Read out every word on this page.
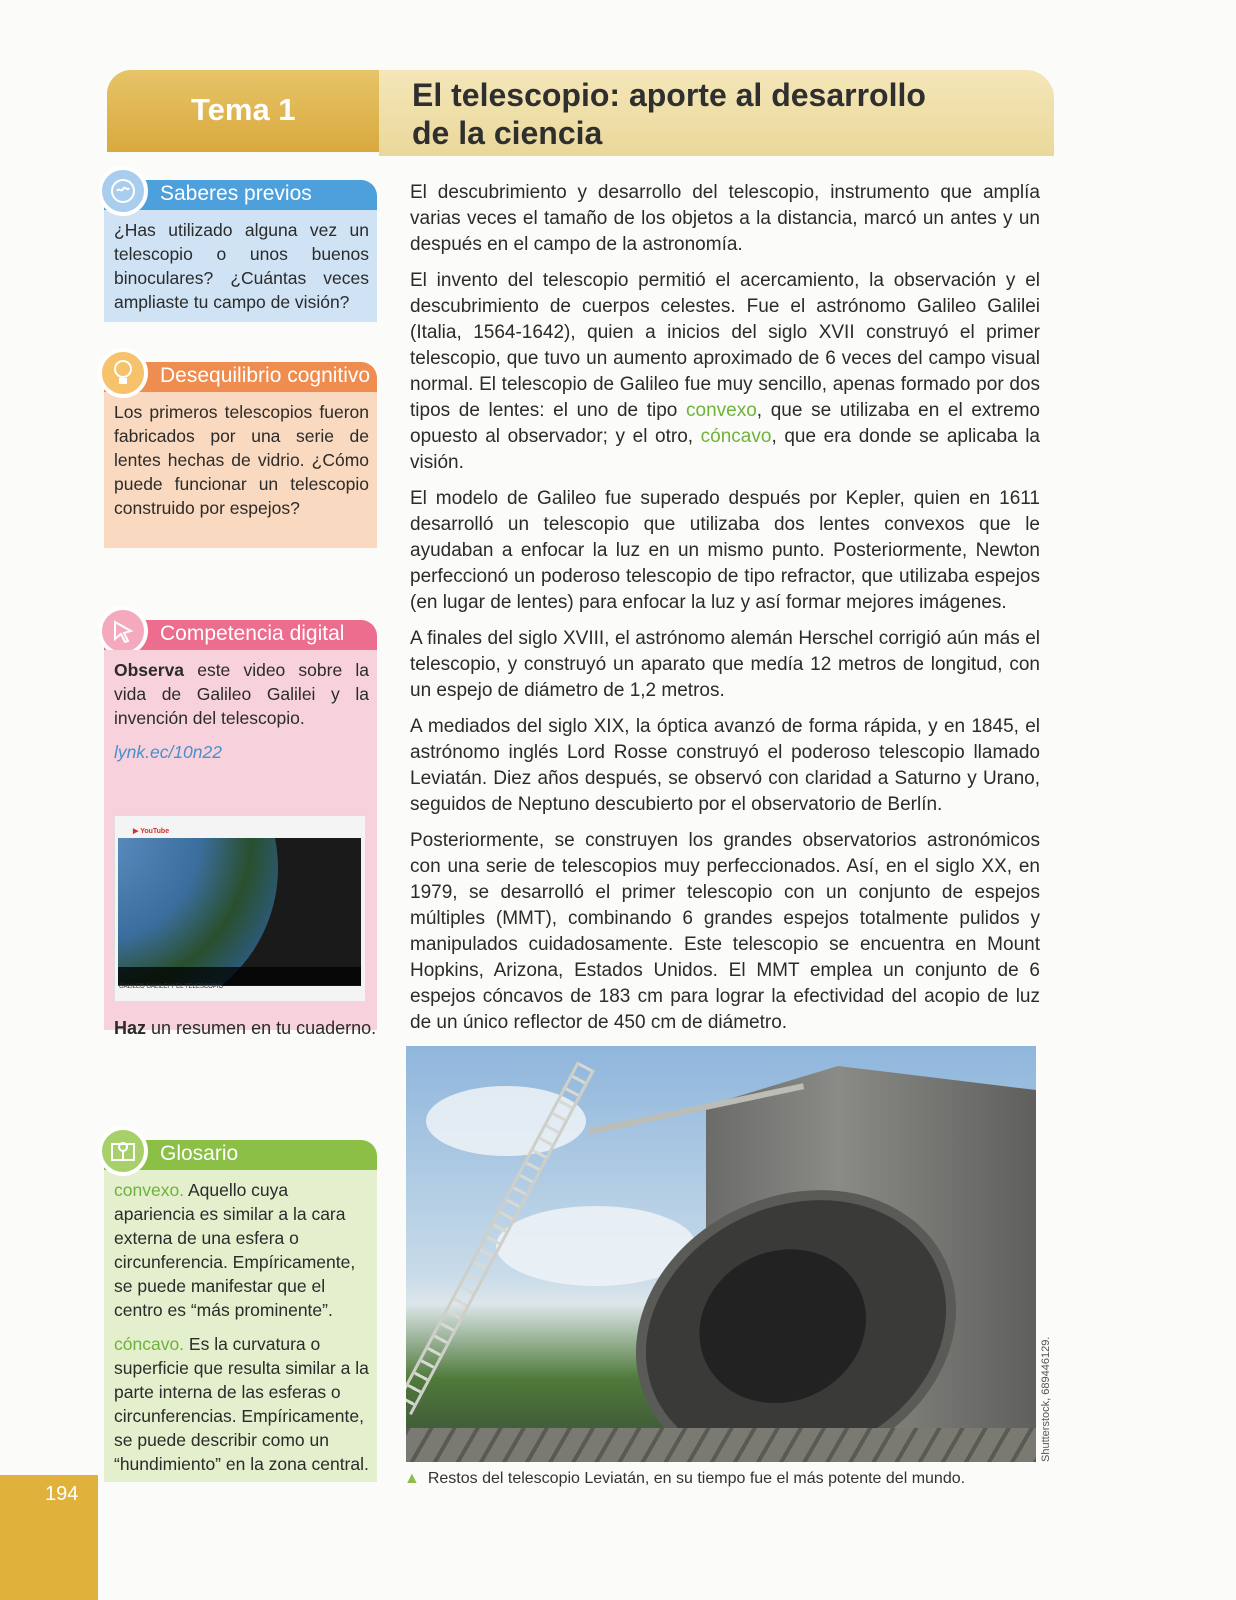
Tema 1	El telescopio: aporte al desarrollo
de la ciencia
Saberes previos
¿Has utilizado alguna vez un telescopio o unos buenos binoculares? ¿Cuántas veces ampliaste tu campo de visión?
Desequilibrio cognitivo
Los primeros telescopios fueron fabricados por una serie de lentes hechas de vidrio. ¿Cómo puede funcionar un telescopio construido por espejos?
Competencia digital
Observa este video sobre la vida de Galileo Galilei y la invención del telescopio.
lynk.ec/10n22
▶ YouTube
GALILEO GALILEI Y EL TELESCOPIO
Haz un resumen en tu cuaderno.
Glosario

convexo. Aquello cuya apariencia es similar a la cara externa de una esfera o circunferencia. Empíricamente, se puede manifestar que el centro es “más prominente”.

cóncavo. Es la curvatura o superficie que resulta similar a la parte interna de las esferas o circunferencias. Empíricamente, se puede describir como un “hundimiento” en la zona central.

El descubrimiento y desarrollo del telescopio, instrumento que amplía varias veces el tamaño de los objetos a la distancia, marcó un antes y un después en el campo de la astronomía.

El invento del telescopio permitió el acercamiento, la observación y el descubrimiento de cuerpos celestes. Fue el astrónomo Galileo Galilei (Italia, 1564-1642), quien a inicios del siglo XVII construyó el primer telescopio, que tuvo un aumento aproximado de 6 veces del campo visual normal. El telescopio de Galileo fue muy sencillo, apenas formado por dos tipos de lentes: el uno de tipo convexo, que se utilizaba en el extremo opuesto al observador; y el otro, cóncavo, que era donde se aplicaba la visión.

El modelo de Galileo fue superado después por Kepler, quien en 1611 desarrolló un telescopio que utilizaba dos lentes convexos que le ayudaban a enfocar la luz en un mismo punto. Posteriormente, Newton perfeccionó un poderoso telescopio de tipo refractor, que utilizaba espejos (en lugar de lentes) para enfocar la luz y así formar mejores imágenes.

A finales del siglo XVIII, el astrónomo alemán Herschel corrigió aún más el telescopio, y construyó un aparato que medía 12 metros de longitud, con un espejo de diámetro de 1,2 metros.

A mediados del siglo XIX, la óptica avanzó de forma rápida, y en 1845, el astrónomo inglés Lord Rosse construyó el poderoso telescopio llamado Leviatán. Diez años después, se observó con claridad a Saturno y Urano, seguidos de Neptuno descubierto por el observatorio de Berlín.

Posteriormente, se construyen los grandes observatorios astronómicos con una serie de telescopios muy perfeccionados. Así, en el siglo XX, en 1979, se desarrolló el primer telescopio con un conjunto de espejos múltiples (MMT), combinando 6 grandes espejos totalmente pulidos y manipulados cuidadosamente. Este telescopio se encuentra en Mount Hopkins, Arizona, Estados Unidos. El MMT emplea un conjunto de 6 espejos cóncavos de 183 cm para lograr la efectividad del acopio de luz de un único reflector de 450 cm de diámetro.

Shutterstock, 689446129.
▲ Restos del telescopio Leviatán, en su tiempo fue el más potente del mundo.
194
